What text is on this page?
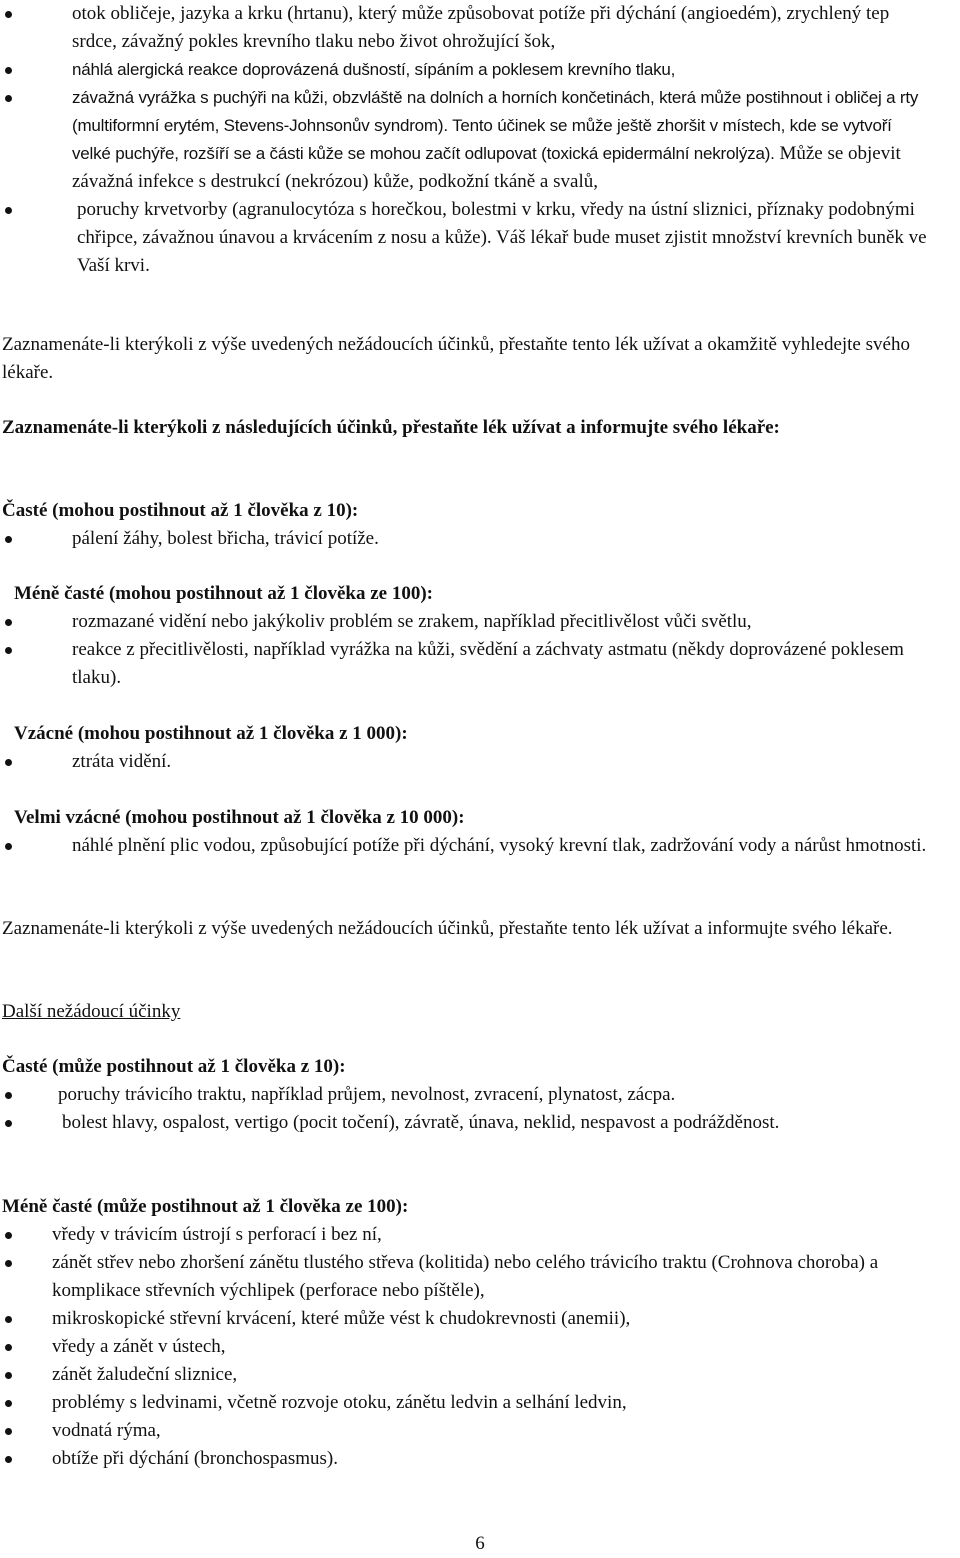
otok obličeje, jazyka a krku (hrtanu), který může způsobovat potíže při dýchání (angioedém), zrychlený tep srdce, závažný pokles krevního tlaku nebo život ohrožující šok,
náhlá alergická reakce doprovázená dušností, sípáním a poklesem krevního tlaku,
závažná vyrážka s puchýři na kůži, obzvláště na dolních a horních končetinách, která může postihnout i obličej a rty (multiformní erytém, Stevens-Johnsonův syndrom). Tento účinek se může ještě zhoršit v místech, kde se vytvoří velké puchýře, rozšíří se a části kůže se mohou začít odlupovat (toxická epidermální nekrolýza). Může se objevit závažná infekce s destrukcí (nekrózou) kůže, podkožní tkáně a svalů,
poruchy krvetvorby (agranulocytóza s horečkou, bolestmi v krku, vředy na ústní sliznici, příznaky podobnými chřipce, závažnou únavou a krvácením z nosu a kůže). Váš lékař bude muset zjistit množství krevních buněk ve Vaší krvi.

Zaznamenáte-li kterýkoli z výše uvedených nežádoucích účinků, přestaňte tento lék užívat a okamžitě vyhledejte svého lékaře.

Zaznamenáte-li kterýkoli z následujících účinků, přestaňte lék užívat a informujte svého lékaře:

Časté (mohou postihnout až 1 člověka z 10):

pálení žáhy, bolest břicha, trávicí potíže.

Méně časté (mohou postihnout až 1 člověka ze 100):

rozmazané vidění nebo jakýkoliv problém se zrakem, například přecitlivělost vůči světlu,
reakce z přecitlivělosti, například vyrážka na kůži, svědění a záchvaty astmatu (někdy doprovázené poklesem tlaku).

Vzácné (mohou postihnout až 1 člověka z 1 000):

ztráta vidění.

Velmi vzácné (mohou postihnout až 1 člověka z 10 000):

náhlé plnění plic vodou, způsobující potíže při dýchání, vysoký krevní tlak, zadržování vody a nárůst hmotnosti.

Zaznamenáte-li kterýkoli z výše uvedených nežádoucích účinků, přestaňte tento lék užívat a informujte svého lékaře.

Další nežádoucí účinky

Časté (může postihnout až 1 člověka z 10):

poruchy trávicího traktu, například průjem, nevolnost, zvracení, plynatost, zácpa.
bolest hlavy, ospalost, vertigo (pocit točení), závratě, únava, neklid, nespavost a podrážděnost.

Méně časté (může postihnout až 1 člověka ze 100):

vředy v trávicím ústrojí s perforací i bez ní,
zánět střev nebo zhoršení zánětu tlustého střeva (kolitida) nebo celého trávicího traktu (Crohnova choroba) a komplikace střevních výchlipek (perforace nebo píštěle),
mikroskopické střevní krvácení, které může vést k chudokrevnosti (anemii),
vředy a zánět v ústech,
zánět žaludeční sliznice,
problémy s ledvinami, včetně rozvoje otoku, zánětu ledvin a selhání ledvin,
vodnatá rýma,
obtíže při dýchání (bronchospasmus).
6
